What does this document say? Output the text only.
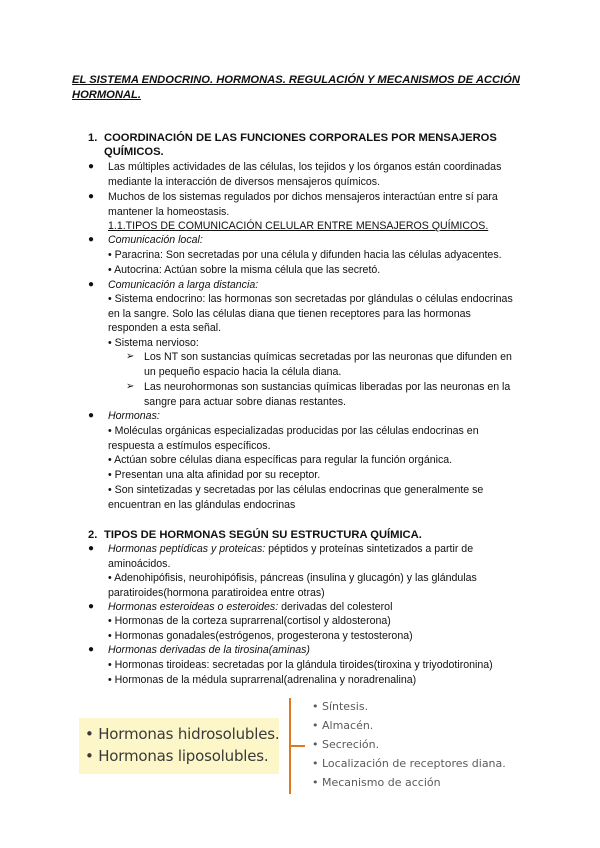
EL SISTEMA ENDOCRINO. HORMONAS. REGULACIÓN Y MECANISMOS DE ACCIÓN HORMONAL.
1. COORDINACIÓN DE LAS FUNCIONES CORPORALES POR MENSAJEROS QUÍMICOS.
●	Las múltiples actividades de las células, los tejidos y los órganos están coordinadas mediante la interacción de diversos mensajeros químicos.
●	Muchos de los sistemas regulados por dichos mensajeros interactúan entre sí para mantener la homeostasis.
1.1.TIPOS DE COMUNICACIÓN CELULAR ENTRE MENSAJEROS QUÍMICOS.
●	Comunicación local:
• Paracrina: Son secretadas por una célula y difunden hacia las células adyacentes.
• Autocrina: Actúan sobre la misma célula que las secretó.
●	Comunicación a larga distancia:
• Sistema endocrino: las hormonas son secretadas por glándulas o células endocrinas en la sangre. Solo las células diana que tienen receptores para las hormonas responden a esta señal.
• Sistema nervioso:
➢ Los NT son sustancias químicas secretadas por las neuronas que difunden en un pequeño espacio hacia la célula diana.
➢ Las neurohormonas son sustancias químicas liberadas por las neuronas en la sangre para actuar sobre dianas restantes.
●	Hormonas:
• Moléculas orgánicas especializadas producidas por las células endocrinas en respuesta a estímulos específicos.
• Actúan sobre células diana específicas para regular la función orgánica.
• Presentan una alta afinidad por su receptor.
• Son sintetizadas y secretadas por las células endocrinas que generalmente se encuentran en las glándulas endocrinas
2. TIPOS DE HORMONAS SEGÚN SU ESTRUCTURA QUÍMICA.
●	Hormonas peptídicas y proteicas: péptidos y proteínas sintetizados a partir de aminoácidos.
• Adenohipófisis, neurohipófisis, páncreas (insulina y glucagón) y las glándulas paratiroides(hormona paratiroidea entre otras)
●	Hormonas esteroideas o esteroides: derivadas del colesterol
• Hormonas de la corteza suprarrenal(cortisol y aldosterona)
• Hormonas gonadales(estrógenos, progesterona y testosterona)
●	Hormonas derivadas de la tirosina(aminas)
• Hormonas tiroideas: secretadas por la glándula tiroides(tiroxina y triyodotironina)
• Hormonas de la médula suprarrenal(adrenalina y noradrenalina)
• Hormonas hidrosolubles.
• Hormonas liposolubles.
• Síntesis.
• Almacén.
• Secreción.
• Localización de receptores diana.
• Mecanismo de acción
